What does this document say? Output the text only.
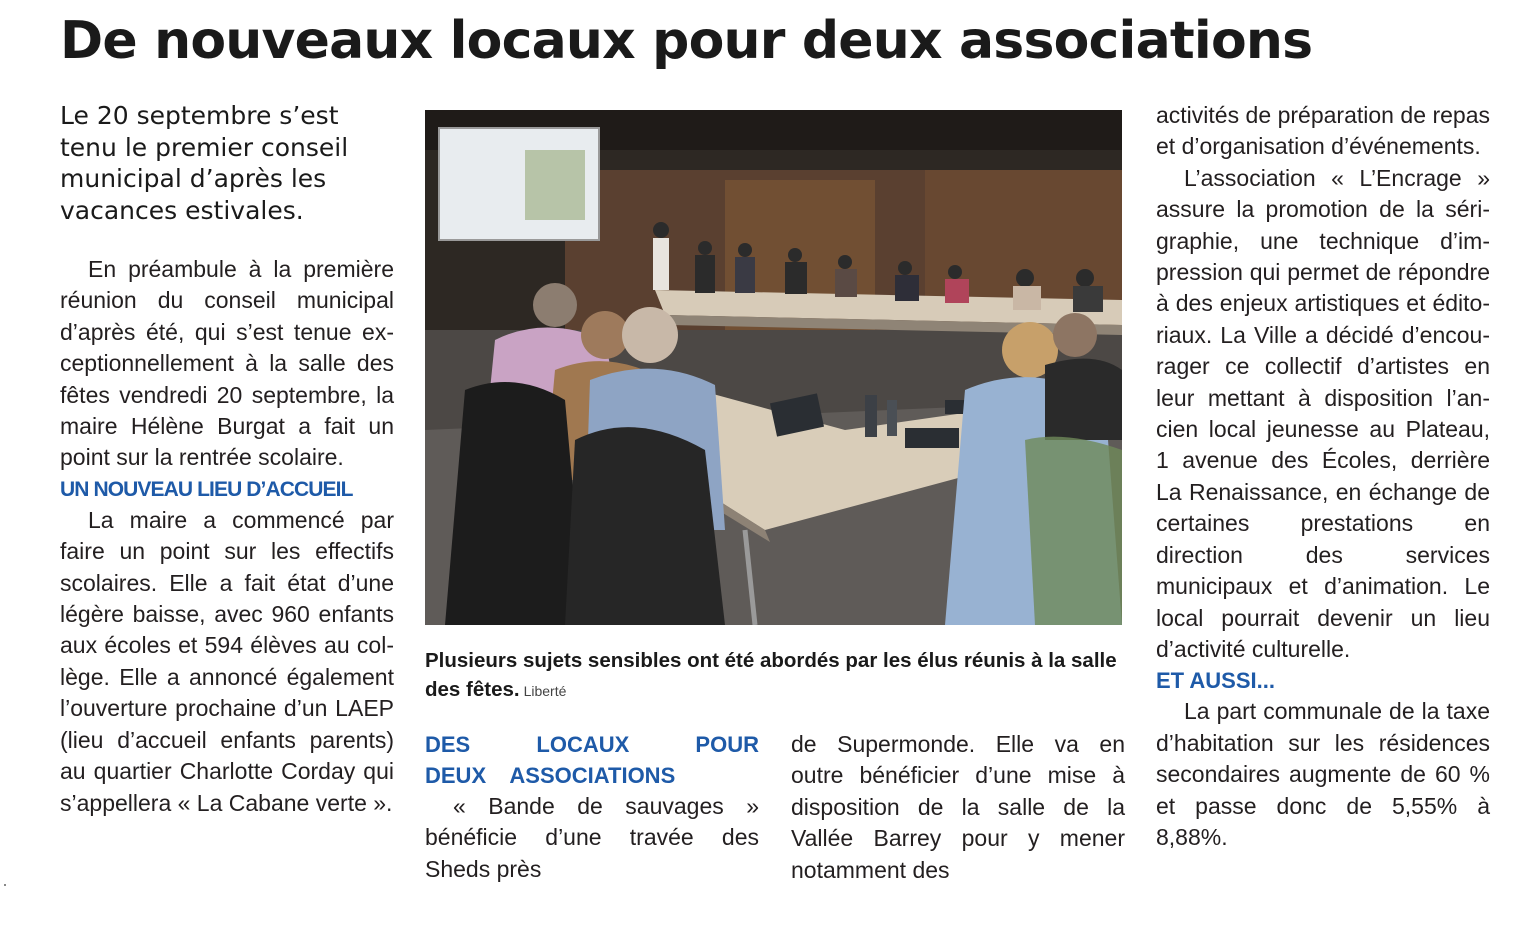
De nouveaux locaux pour deux associations

Le 20 septembre s’est tenu le premier conseil municipal d’après les vacances estivales.

En préambule à la première réunion du conseil municipal d’après été, qui s’est tenue exceptionnellement à la salle des fêtes vendredi 20 septembre, la maire Hélène Burgat a fait un point sur la rentrée scolaire.

UN NOUVEAU LIEU D’ACCUEIL

La maire a commencé par faire un point sur les effectifs scolaires. Elle a fait état d’une légère baisse, avec 960 enfants aux écoles et 594 élèves au collège. Elle a annoncé également l’ouverture prochaine d’un LAEP (lieu d’accueil enfants parents) au quartier Charlotte Corday qui s’appellera « La Cabane verte ».

Plusieurs sujets sensibles ont été abordés par les élus réunis à la salle des fêtes. Liberté

DES LOCAUX POUR DEUX ASSOCIATIONS

« Bande de sauvages » bénéficie d’une travée des Sheds près

de Supermonde. Elle va en outre bénéficier d’une mise à disposition de la salle de la Vallée Barrey pour y mener notamment des

activités de préparation de repas et d’organisation d’événements.

L’association « L’Encrage » assure la promotion de la sérigraphie, une technique d’impression qui permet de répondre à des enjeux artistiques et éditoriaux. La Ville a décidé d’encourager ce collectif d’artistes en leur mettant à disposition l’ancien local jeunesse au Plateau, 1 avenue des Écoles, derrière La Renaissance, en échange de certaines prestations en direction des services municipaux et d’animation. Le local pourrait devenir un lieu d’activité culturelle.

ET AUSSI...

La part communale de la taxe d’habitation sur les résidences secondaires augmente de 60 % et passe donc de 5,55% à 8,88%.
